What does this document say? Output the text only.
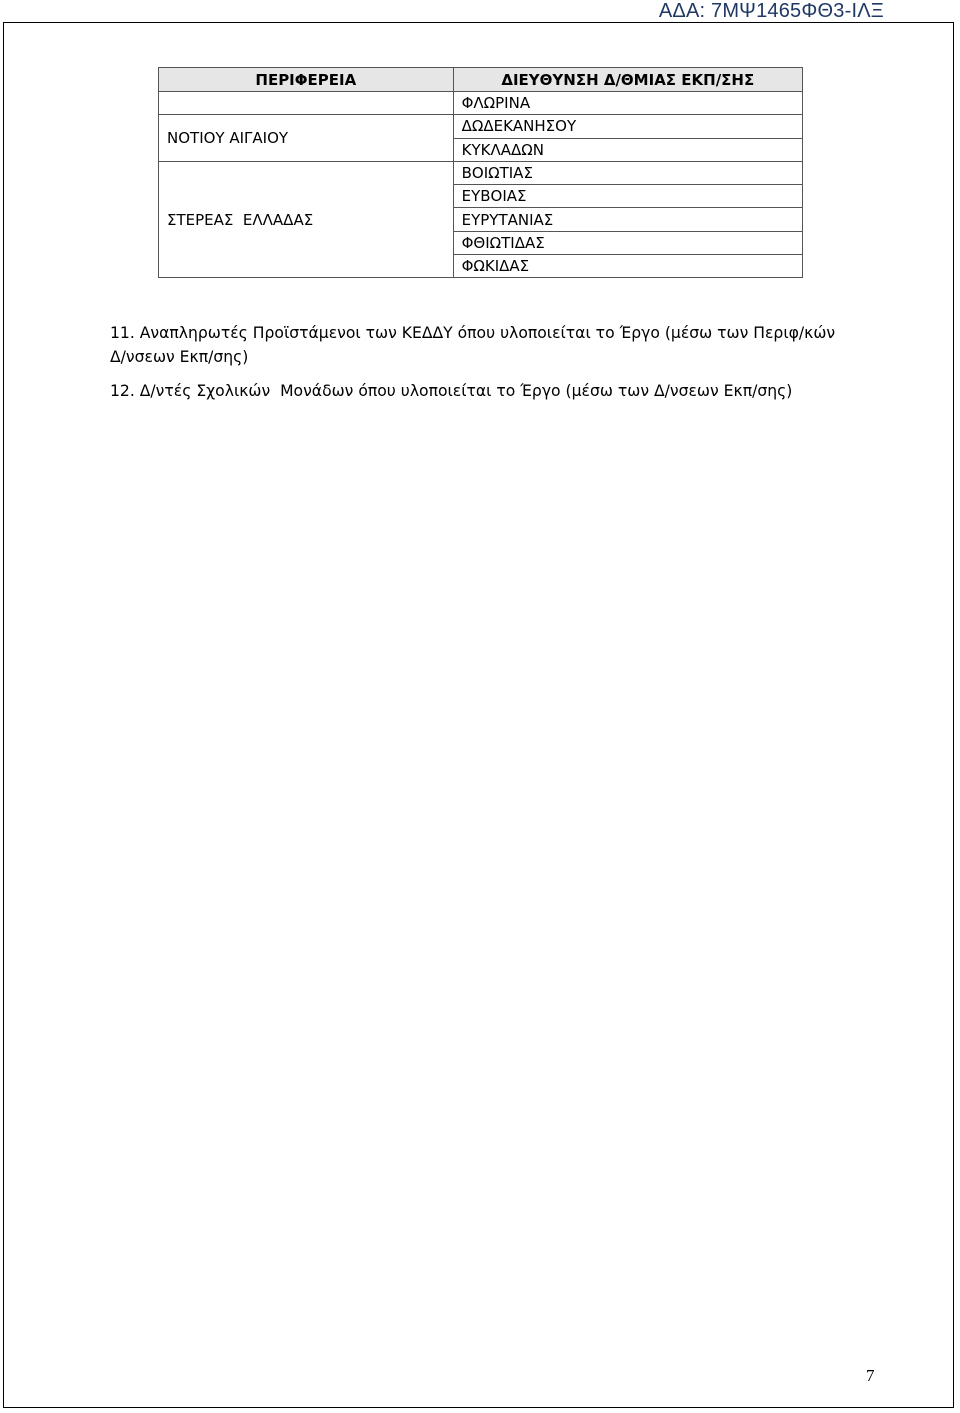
ΑΔΑ: 7ΜΨ1465ΦΘ3-ΙΛΞ
ΠΕΡΙΦΕΡΕΙΑ	ΔΙΕΥΘΥΝΣΗ Δ/ΘΜΙΑΣ ΕΚΠ/ΣΗΣ
	ΦΛΩΡΙΝΑ
ΝΟΤΙΟΥ ΑΙΓΑΙΟΥ	ΔΩΔΕΚΑΝΗΣΟΥ
	ΚΥΚΛΑΔΩΝ
ΣΤΕΡΕΑΣ  ΕΛΛΑΔΑΣ	ΒΟΙΩΤΙΑΣ
	ΕΥΒΟΙΑΣ
	ΕΥΡΥΤΑΝΙΑΣ
	ΦΘΙΩΤΙΔΑΣ
	ΦΩΚΙΔΑΣ
11. Αναπληρωτές Προϊστάμενοι των ΚΕΔΔΥ όπου υλοποιείται το Έργο (μέσω των Περιφ/κών Δ/νσεων Εκπ/σης)
12. Δ/ντές Σχολικών  Μονάδων όπου υλοποιείται το Έργο (μέσω των Δ/νσεων Εκπ/σης)
7
